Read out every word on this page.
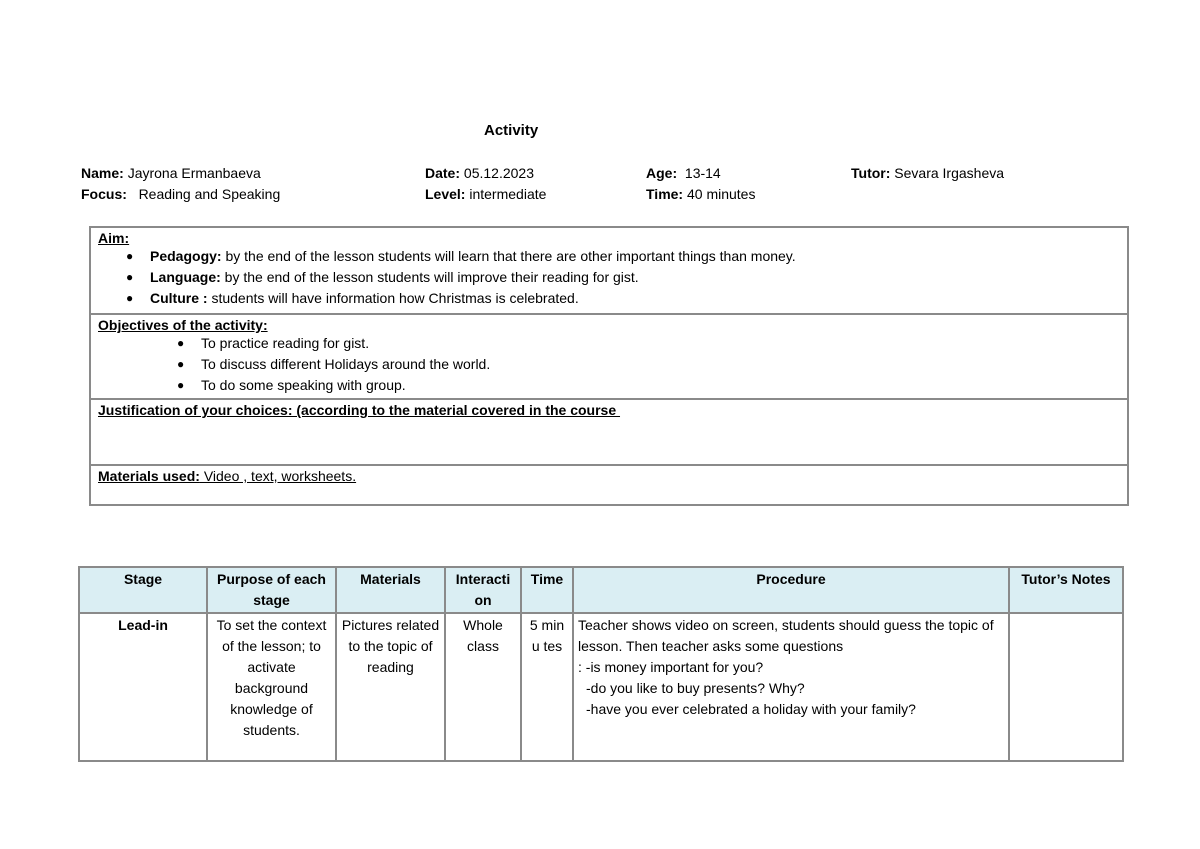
Activity
Name: Jayrona Ermanbaeva	Date: 05.12.2023	Age: 13-14	Tutor: Sevara Irgasheva
Focus: Reading and Speaking	Level: intermediate	Time: 40 minutes
Aim:
● Pedagogy: by the end of the lesson students will learn that there are other important things than money.
● Language: by the end of the lesson students will improve their reading for gist.
● Culture : students will have information how Christmas is celebrated.
Objectives of the activity:
● To practice reading for gist.
● To discuss different Holidays around the world.
● To do some speaking with group.
Justification of your choices: (according to the material covered in the course
Materials used: Video , text, worksheets.
Stage	Purpose of each stage	Materials	Interacti on	Time	Procedure	Tutor’s Notes
Lead-in	To set the context of the lesson; to activate background knowledge of students.	Pictures related to the topic of reading	Whole class	5 minu tes	Teacher shows video on screen, students should guess the topic of lesson. Then teacher asks some questions
: -is money important for you?
-do you like to buy presents? Why?
-have you ever celebrated a holiday with your family?	
